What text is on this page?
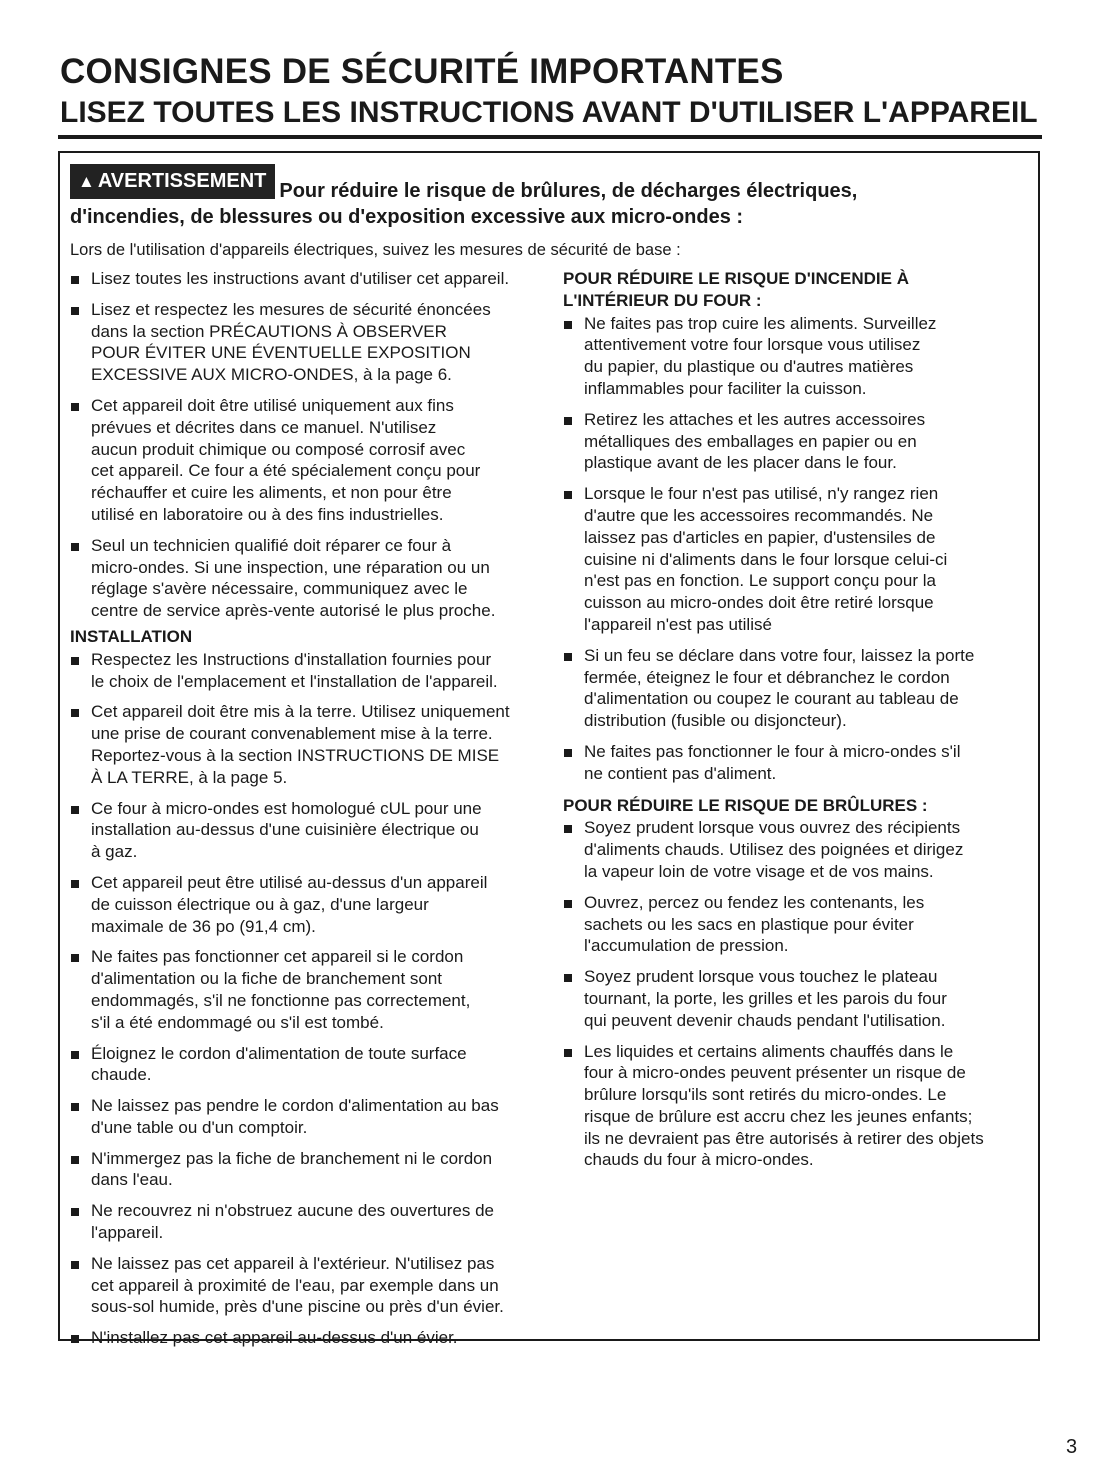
CONSIGNES DE SÉCURITÉ IMPORTANTES
LISEZ TOUTES LES INSTRUCTIONS AVANT D'UTILISER L'APPAREIL
▲ AVERTISSEMENT Pour réduire le risque de brûlures, de décharges électriques,
d'incendies, de blessures ou d'exposition excessive aux micro-ondes :
Lors de l'utilisation d'appareils électriques, suivez les mesures de sécurité de base :
Lisez toutes les instructions avant d'utiliser cet appareil.
Lisez et respectez les mesures de sécurité énoncées
dans la section PRÉCAUTIONS À OBSERVER
POUR ÉVITER UNE ÉVENTUELLE EXPOSITION
EXCESSIVE AUX MICRO-ONDES, à la page 6.
Cet appareil doit être utilisé uniquement aux fins
prévues et décrites dans ce manuel. N'utilisez
aucun produit chimique ou composé corrosif avec
cet appareil. Ce four a été spécialement conçu pour
réchauffer et cuire les aliments, et non pour être
utilisé en laboratoire ou à des fins industrielles.
Seul un technicien qualifié doit réparer ce four à
micro-ondes. Si une inspection, une réparation ou un
réglage s'avère nécessaire, communiquez avec le
centre de service après-vente autorisé le plus proche.
INSTALLATION
Respectez les Instructions d'installation fournies pour
le choix de l'emplacement et l'installation de l'appareil.
Cet appareil doit être mis à la terre. Utilisez uniquement
une prise de courant convenablement mise à la terre.
Reportez-vous à la section INSTRUCTIONS DE MISE
À LA TERRE, à la page 5.
Ce four à micro-ondes est homologué cUL pour une
installation au-dessus d'une cuisinière électrique ou
à gaz.
Cet appareil peut être utilisé au-dessus d'un appareil
de cuisson électrique ou à gaz, d'une largeur
maximale de 36 po (91,4 cm).
Ne faites pas fonctionner cet appareil si le cordon
d'alimentation ou la fiche de branchement sont
endommagés, s'il ne fonctionne pas correctement,
s'il a été endommagé ou s'il est tombé.
Éloignez le cordon d'alimentation de toute surface
chaude.
Ne laissez pas pendre le cordon d'alimentation au bas
d'une table ou d'un comptoir.
N'immergez pas la fiche de branchement ni le cordon
dans l'eau.
Ne recouvrez ni n'obstruez aucune des ouvertures de
l'appareil.
Ne laissez pas cet appareil à l'extérieur. N'utilisez pas
cet appareil à proximité de l'eau, par exemple dans un
sous-sol humide, près d'une piscine ou près d'un évier.
N'installez pas cet appareil au-dessus d'un évier.
POUR RÉDUIRE LE RISQUE D'INCENDIE À
L'INTÉRIEUR DU FOUR :
Ne faites pas trop cuire les aliments. Surveillez
attentivement votre four lorsque vous utilisez
du papier, du plastique ou d'autres matières
inflammables pour faciliter la cuisson.
Retirez les attaches et les autres accessoires
métalliques des emballages en papier ou en
plastique avant de les placer dans le four.
Lorsque le four n'est pas utilisé, n'y rangez rien
d'autre que les accessoires recommandés. Ne
laissez pas d'articles en papier, d'ustensiles de
cuisine ni d'aliments dans le four lorsque celui-ci
n'est pas en fonction. Le support conçu pour la
cuisson au micro-ondes doit être retiré lorsque
l'appareil n'est pas utilisé
Si un feu se déclare dans votre four, laissez la porte
fermée, éteignez le four et débranchez le cordon
d'alimentation ou coupez le courant au tableau de
distribution (fusible ou disjoncteur).
Ne faites pas fonctionner le four à micro-ondes s'il
ne contient pas d'aliment.
POUR RÉDUIRE LE RISQUE DE BRÛLURES :
Soyez prudent lorsque vous ouvrez des récipients
d'aliments chauds. Utilisez des poignées et dirigez
la vapeur loin de votre visage et de vos mains.
Ouvrez, percez ou fendez les contenants, les
sachets ou les sacs en plastique pour éviter
l'accumulation de pression.
Soyez prudent lorsque vous touchez le plateau
tournant, la porte, les grilles et les parois du four
qui peuvent devenir chauds pendant l'utilisation.
Les liquides et certains aliments chauffés dans le
four à micro-ondes peuvent présenter un risque de
brûlure lorsqu'ils sont retirés du micro-ondes. Le
risque de brûlure est accru chez les jeunes enfants;
ils ne devraient pas être autorisés à retirer des objets
chauds du four à micro-ondes.
3
